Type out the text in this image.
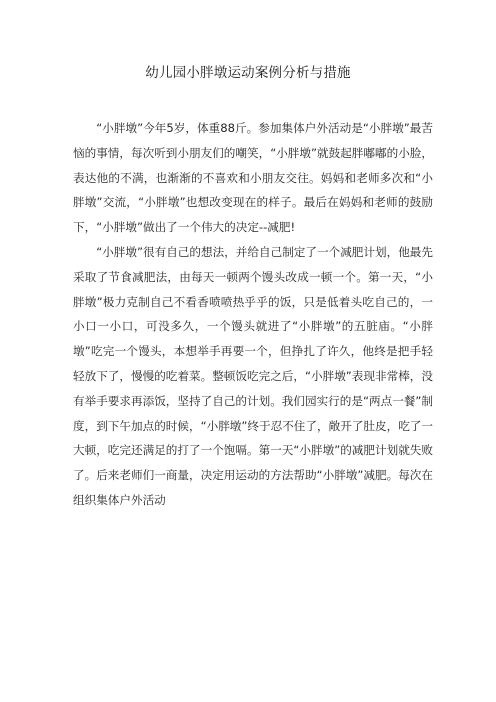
幼儿园小胖墩运动案例分析与措施

“小胖墩”今年5岁，体重88斤。参加集体户外活动是“小胖墩”最苦恼的事情，每次听到小朋友们的嘲笑，“小胖墩”就鼓起胖嘟嘟的小脸，表达他的不满，也渐渐的不喜欢和小朋友交往。妈妈和老师多次和“小胖墩”交流，“小胖墩”也想改变现在的样子。最后在妈妈和老师的鼓励下，“小胖墩”做出了一个伟大的决定--减肥!

“小胖墩”很有自己的想法，并给自己制定了一个减肥计划，他最先采取了节食减肥法，由每天一顿两个馒头改成一顿一个。第一天，“小胖墩”极力克制自己不看香喷喷热乎乎的饭，只是低着头吃自己的，一小口一小口，可没多久，一个馒头就进了“小胖墩”的五脏庙。“小胖墩”吃完一个馒头，本想举手再要一个，但挣扎了许久，他终是把手轻轻放下了，慢慢的吃着菜。整顿饭吃完之后，“小胖墩”表现非常棒，没有举手要求再添饭，坚持了自己的计划。我们园实行的是“两点一餐”制度，到下午加点的时候，“小胖墩”终于忍不住了，敞开了肚皮，吃了一大顿，吃完还满足的打了一个饱嗝。第一天“小胖墩”的减肥计划就失败了。后来老师们一商量，决定用运动的方法帮助“小胖墩”减肥。每次在组织集体户外活动
